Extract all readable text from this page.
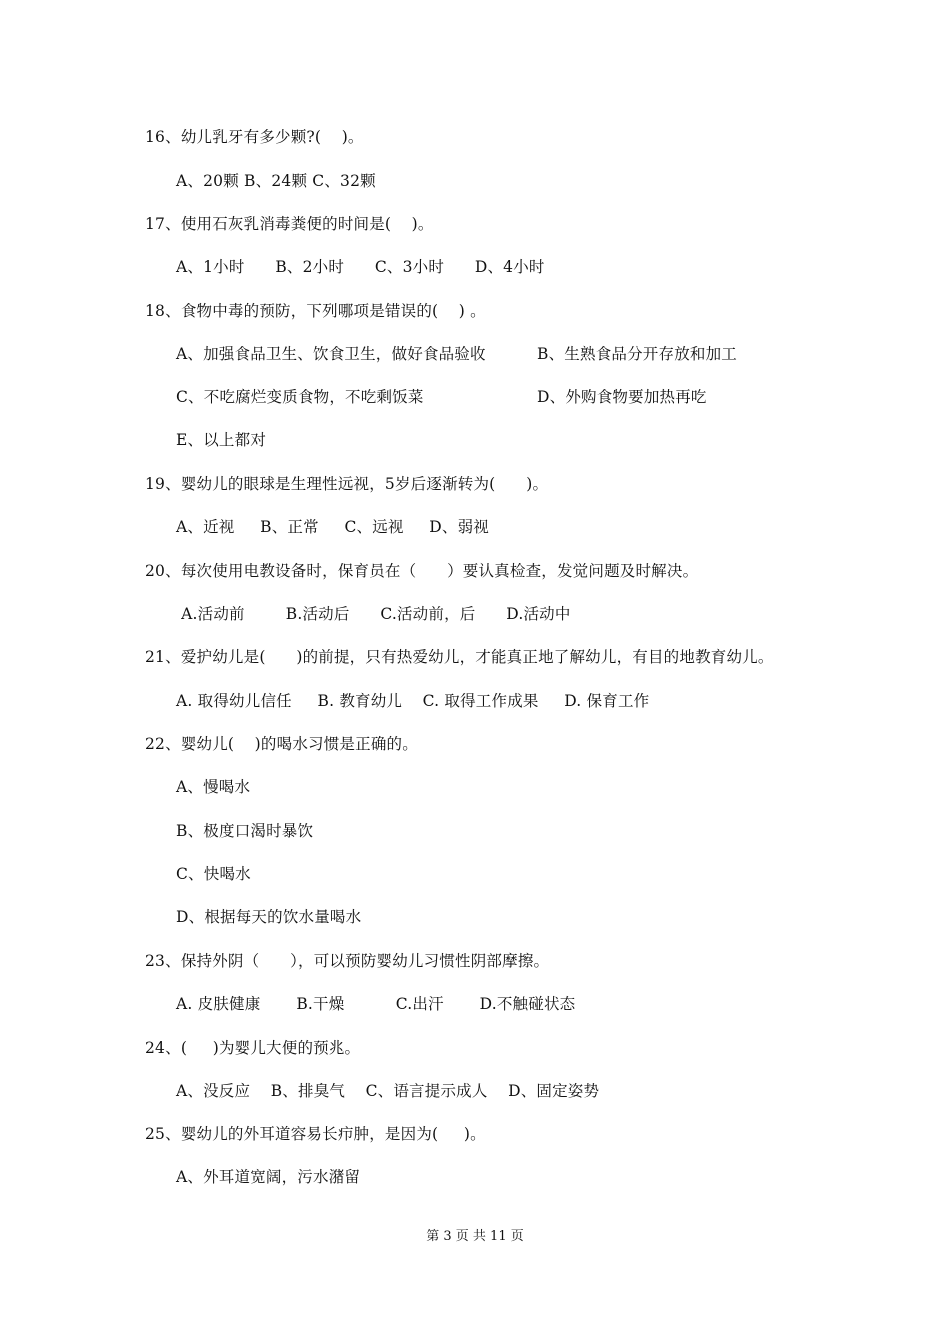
16、幼儿乳牙有多少颗?(    )。
A、20颗 B、24颗 C、32颗
17、使用石灰乳消毒粪便的时间是(    )。
A、1小时      B、2小时      C、3小时      D、4小时
18、食物中毒的预防，下列哪项是错误的(    ) 。
A、加强食品卫生、饮食卫生，做好食品验收	B、生熟食品分开存放和加工
C、不吃腐烂变质食物，不吃剩饭菜	D、外购食物要加热再吃
E、以上都对
19、婴幼儿的眼球是生理性远视，5岁后逐渐转为(      )。
A、近视     B、正常     C、远视     D、弱视
20、每次使用电教设备时，保育员在（      ）要认真检查，发觉问题及时解决。
A.活动前        B.活动后      C.活动前，后      D.活动中
21、爱护幼儿是(      )的前提，只有热爱幼儿，才能真正地了解幼儿，有目的地教育幼儿。
A. 取得幼儿信任     B. 教育幼儿    C. 取得工作成果     D. 保育工作
22、婴幼儿(    )的喝水习惯是正确的。
A、慢喝水
B、极度口渴时暴饮
C、快喝水
D、根据每天的饮水量喝水
23、保持外阴（      ），可以预防婴幼儿习惯性阴部摩擦。
A. 皮肤健康       B.干燥          C.出汗       D.不触碰状态
24、(     )为婴儿大便的预兆。
A、没反应    B、排臭气    C、语言提示成人    D、固定姿势
25、婴幼儿的外耳道容易长疖肿，是因为(     )。
A、外耳道宽阔，污水潴留
第 3 页 共 11 页
